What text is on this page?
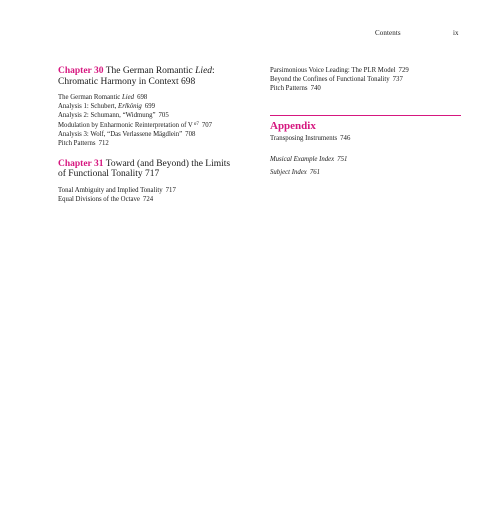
Contents	ix

Chapter 30 The German Romantic Lied:
Chromatic Harmony in Context 698

The German Romantic Lied 698
Analysis 1: Schubert, Erlkönig 699
Analysis 2: Schumann, “Widmung” 705
Modulation by Enharmonic Reinterpretation of $V^{o7}$ 707
Analysis 3: Wolf, “Das Verlassene Mägdlein” 708
Pitch Patterns 712

Chapter 31 Toward (and Beyond) the Limits
of Functional Tonality 717

Tonal Ambiguity and Implied Tonality 717
Equal Divisions of the Octave 724
Parsimonious Voice Leading: The PLR Model 729
Beyond the Confines of Functional Tonality 737
Pitch Patterns 740
Appendix
Transposing Instruments 746
Musical Example Index 751
Subject Index 761
